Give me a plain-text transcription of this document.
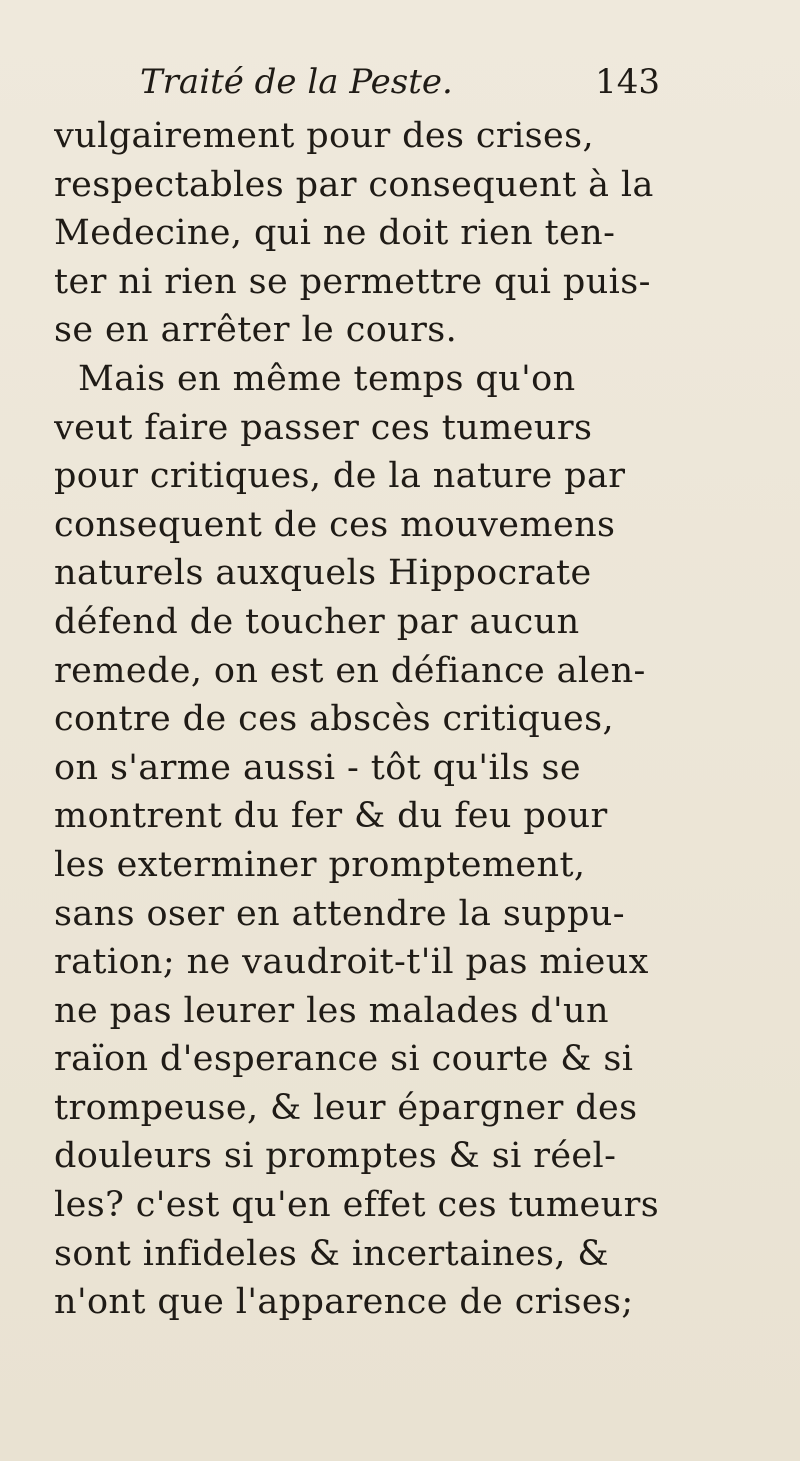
Traité de la Peste.	143
vulgairement pour des crises,
respectables par consequent à la
Medecine, qui ne doit rien ten-
ter ni rien se permettre qui puis-
se en arrêter le cours.
Mais en même temps qu'on
veut faire passer ces tumeurs
pour critiques, de la nature par
consequent de ces mouvemens
naturels auxquels Hippocrate
défend de toucher par aucun
remede, on est en défiance alen-
contre de ces abscès critiques,
on s'arme aussi - tôt qu'ils se
montrent du fer & du feu pour
les exterminer promptement,
sans oser en attendre la suppu-
ration; ne vaudroit-t'il pas mieux
ne pas leurer les malades d'un
raïon d'esperance si courte & si
trompeuse, & leur épargner des
douleurs si promptes & si réel-
les? c'est qu'en effet ces tumeurs
sont infideles & incertaines, &
n'ont que l'apparence de crises;
